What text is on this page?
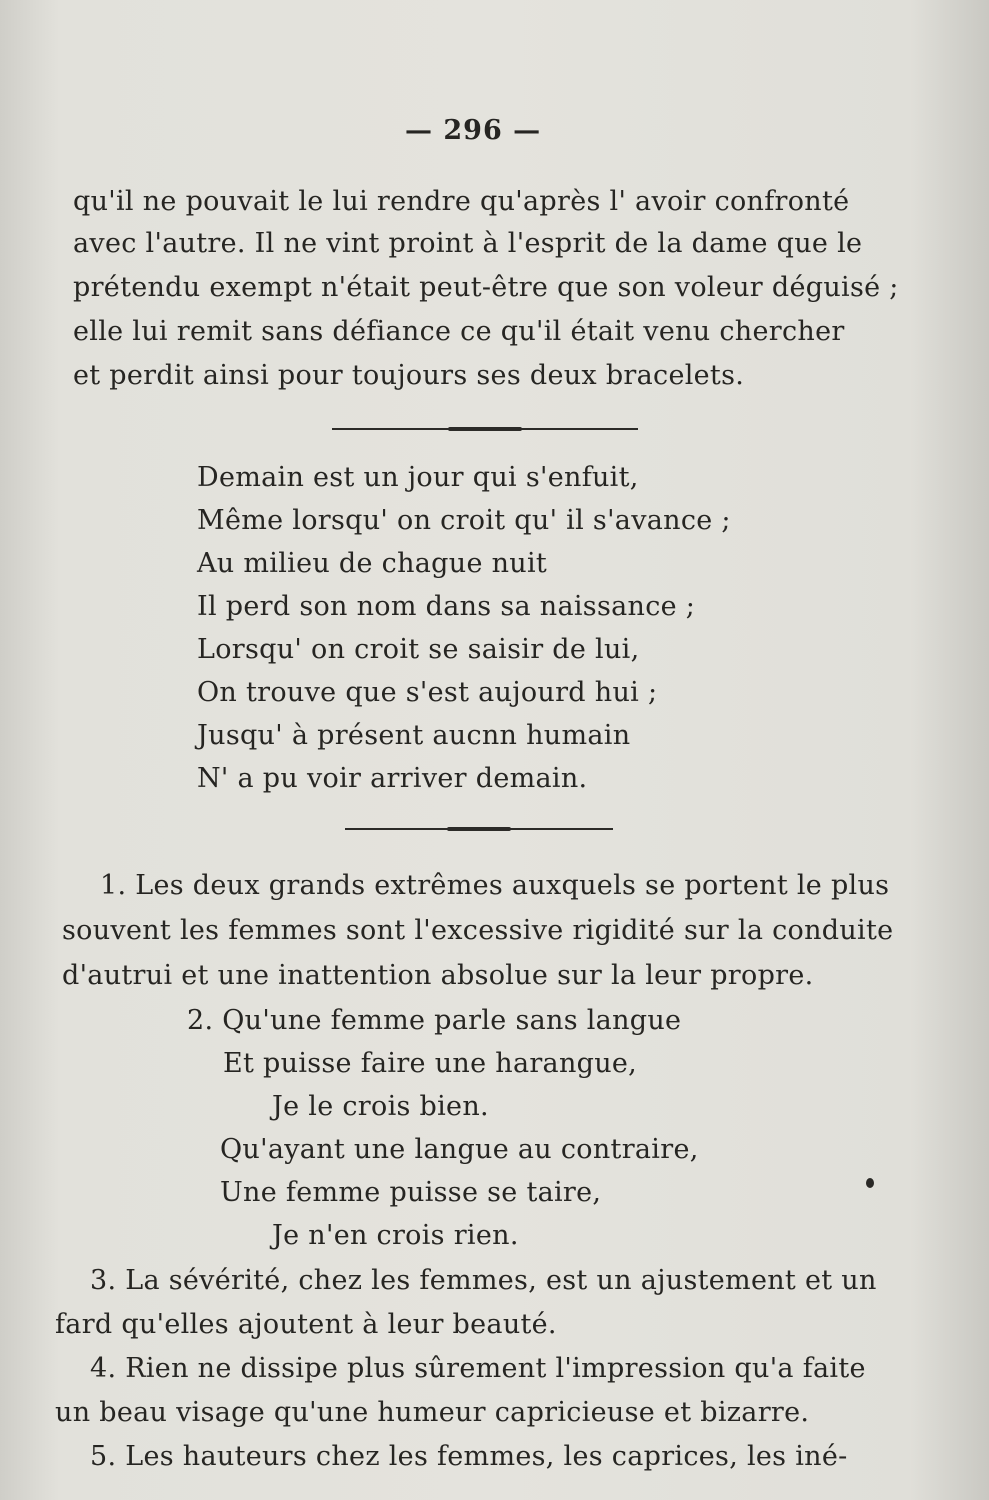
— 296 —
qu'il ne pouvait le lui rendre qu'après l' avoir confronté
avec l'autre. Il ne vint proint à l'esprit de la dame que le
prétendu exempt n'était peut-être que son voleur déguisé ;
elle lui remit sans défiance ce qu'il était venu chercher
et perdit ainsi pour toujours ses deux bracelets.
Demain est un jour qui s'enfuit,
Même lorsqu' on croit qu' il s'avance ;
Au milieu de chague nuit
Il perd son nom dans sa naissance ;
Lorsqu' on croit se saisir de lui,
On trouve que s'est aujourd hui ;
Jusqu' à présent aucnn humain
N' a pu voir arriver demain.
1. Les deux grands extrêmes auxquels se portent le plus
souvent les femmes sont l'excessive rigidité sur la conduite
d'autrui et une inattention absolue sur la leur propre.
2. Qu'une femme parle sans langue
Et puisse faire une harangue,
Je le crois bien.
Qu'ayant une langue au contraire,
Une femme puisse se taire,
Je n'en crois rien.
3. La sévérité, chez les femmes, est un ajustement et un
fard qu'elles ajoutent à leur beauté.
4. Rien ne dissipe plus sûrement l'impression qu'a faite
un beau visage qu'une humeur capricieuse et bizarre.
5. Les hauteurs chez les femmes, les caprices, les iné-
